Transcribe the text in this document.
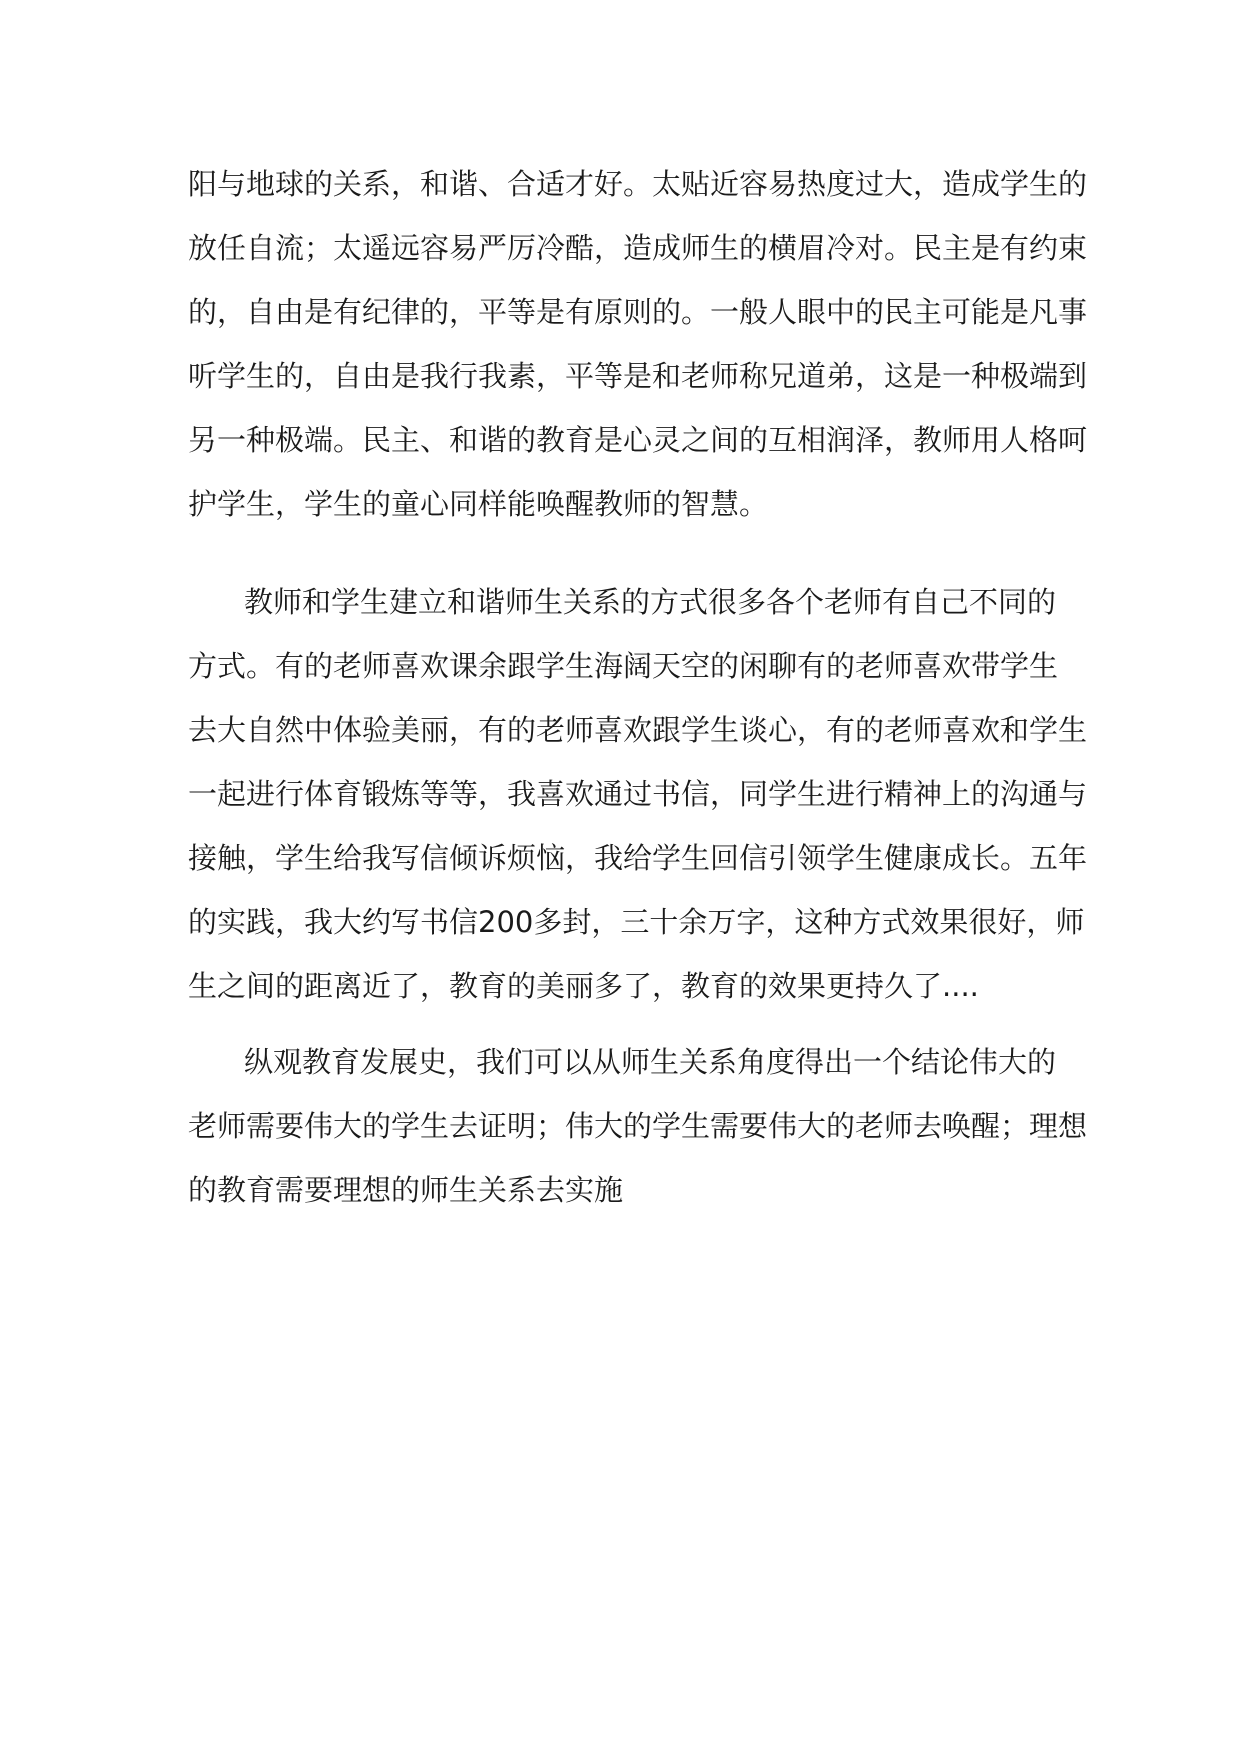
阳与地球的关系，和谐、合适才好。太贴近容易热度过大，造成学生的
放任自流；太遥远容易严厉冷酷，造成师生的横眉冷对。民主是有约束
的，自由是有纪律的，平等是有原则的。一般人眼中的民主可能是凡事
听学生的，自由是我行我素，平等是和老师称兄道弟，这是一种极端到
另一种极端。民主、和谐的教育是心灵之间的互相润泽，教师用人格呵
护学生，学生的童心同样能唤醒教师的智慧。
教师和学生建立和谐师生关系的方式很多各个老师有自己不同的
方式。有的老师喜欢课余跟学生海阔天空的闲聊有的老师喜欢带学生
去大自然中体验美丽，有的老师喜欢跟学生谈心，有的老师喜欢和学生
一起进行体育锻炼等等，我喜欢通过书信，同学生进行精神上的沟通与
接触，学生给我写信倾诉烦恼，我给学生回信引领学生健康成长。五年
的实践，我大约写书信200多封，三十余万字，这种方式效果很好，师
生之间的距离近了，教育的美丽多了，教育的效果更持久了....
纵观教育发展史，我们可以从师生关系角度得出一个结论伟大的
老师需要伟大的学生去证明；伟大的学生需要伟大的老师去唤醒；理想
的教育需要理想的师生关系去实施
